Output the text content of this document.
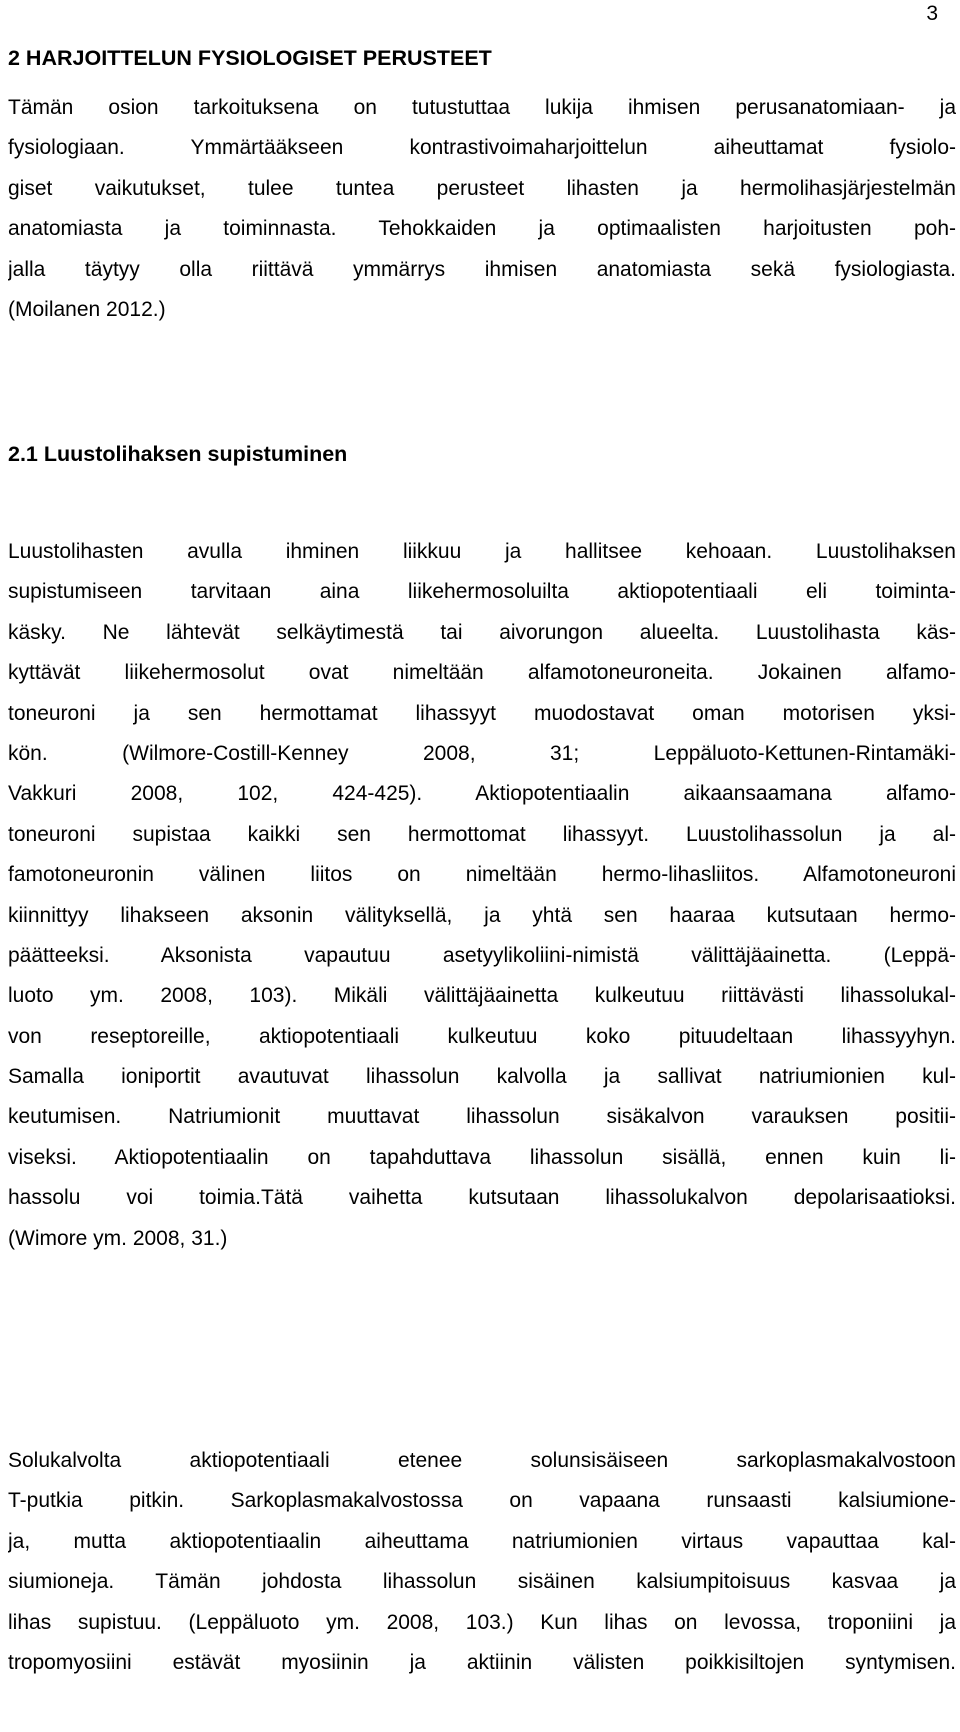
3
2 HARJOITTELUN FYSIOLOGISET PERUSTEET
Tämän osion tarkoituksena on tutustuttaa lukija ihmisen perusanatomiaan- ja
fysiologiaan. Ymmärtääkseen kontrastivoimaharjoittelun aiheuttamat fysiolo-
giset vaikutukset, tulee tuntea perusteet lihasten ja hermolihasjärjestelmän
anatomiasta ja toiminnasta. Tehokkaiden ja optimaalisten harjoitusten poh-
jalla täytyy olla riittävä ymmärrys ihmisen anatomiasta sekä fysiologiasta.
(Moilanen 2012.)
2.1 Luustolihaksen supistuminen
Luustolihasten avulla ihminen liikkuu ja hallitsee kehoaan. Luustolihaksen
supistumiseen tarvitaan aina liikehermosoluilta aktiopotentiaali eli toiminta-
käsky. Ne lähtevät selkäytimestä tai aivorungon alueelta. Luustolihasta käs-
kyttävät liikehermosolut ovat nimeltään alfamotoneuroneita. Jokainen alfamo-
toneuroni ja sen hermottamat lihassyyt muodostavat oman motorisen yksi-
kön. (Wilmore-Costill-Kenney 2008, 31; Leppäluoto-Kettunen-Rintamäki-
Vakkuri 2008, 102, 424-425). Aktiopotentiaalin aikaansaamana alfamo-
toneuroni supistaa kaikki sen hermottomat lihassyyt. Luustolihassolun ja al-
famotoneuronin välinen liitos on nimeltään hermo-lihasliitos. Alfamotoneuroni
kiinnittyy lihakseen aksonin välityksellä, ja yhtä sen haaraa kutsutaan hermo-
päätteeksi. Aksonista vapautuu asetyylikoliini-nimistä välittäjäainetta. (Leppä-
luoto ym. 2008, 103). Mikäli välittäjäainetta kulkeutuu riittävästi lihassolukal-
von reseptoreille, aktiopotentiaali kulkeutuu koko pituudeltaan lihassyyhyn.
Samalla ioniportit avautuvat lihassolun kalvolla ja sallivat natriumionien kul-
keutumisen. Natriumionit muuttavat lihassolun sisäkalvon varauksen positii-
viseksi. Aktiopotentiaalin on tapahduttava lihassolun sisällä, ennen kuin li-
hassolu voi toimia.Tätä vaihetta kutsutaan lihassolukalvon depolarisaatioksi.
(Wimore ym. 2008, 31.)
Solukalvolta aktiopotentiaali etenee solunsisäiseen sarkoplasmakalvostoon
T-putkia pitkin. Sarkoplasmakalvostossa on vapaana runsaasti kalsiumione-
ja, mutta aktiopotentiaalin aiheuttama natriumionien virtaus vapauttaa kal-
siumioneja. Tämän johdosta lihassolun sisäinen kalsiumpitoisuus kasvaa ja
lihas supistuu. (Leppäluoto ym. 2008, 103.) Kun lihas on levossa, troponiini ja
tropomyosiini estävät myosiinin ja aktiinin välisten poikkisiltojen syntymisen.
